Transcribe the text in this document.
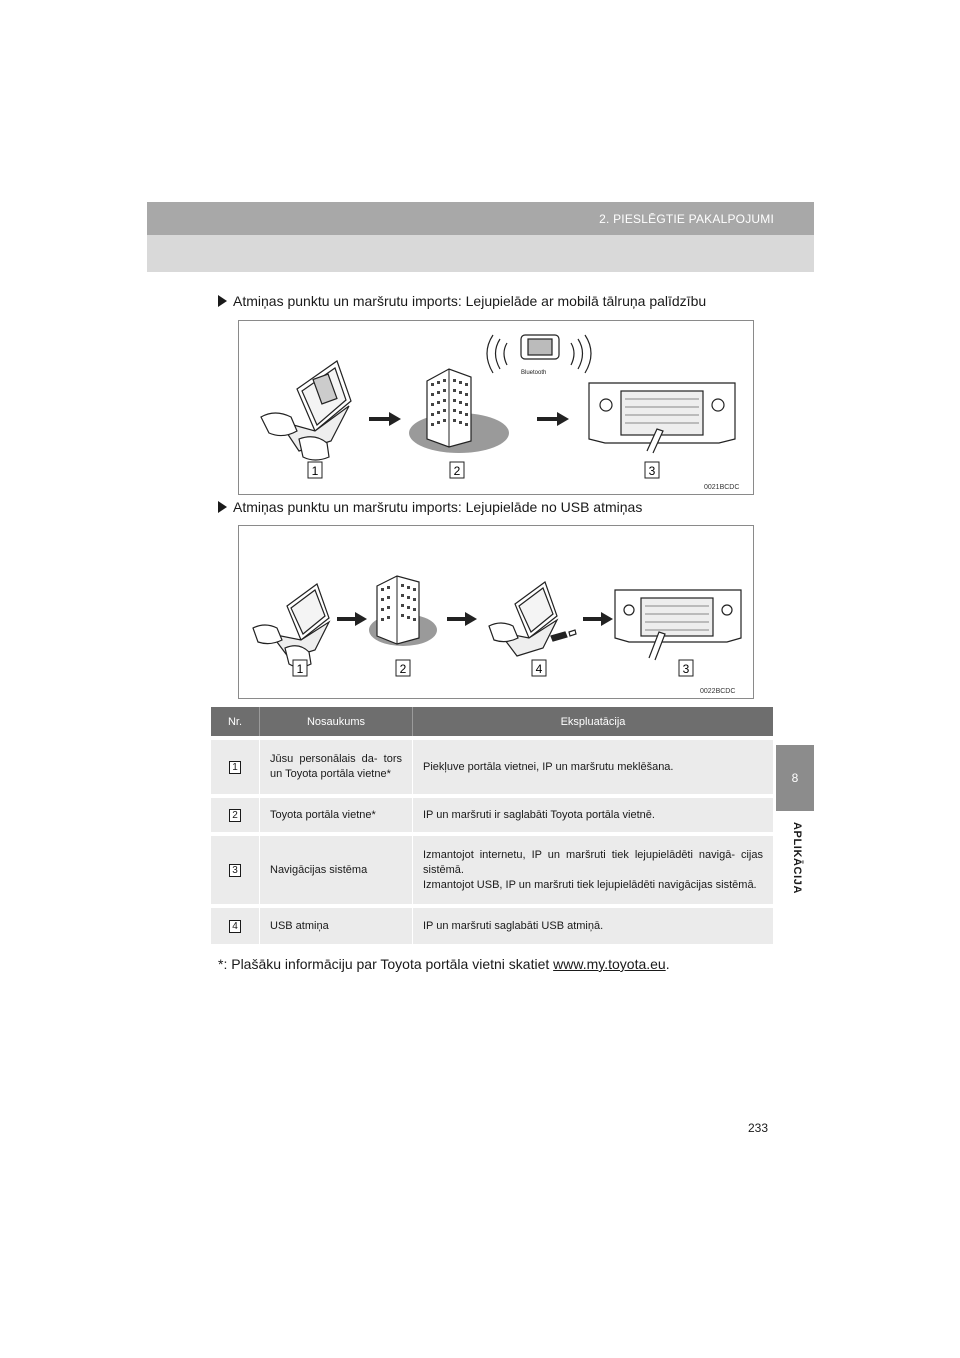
2. PIESLĒGTIE PAKALPOJUMI
8
APLIKĀCIJA
Atmiņas punktu un maršrutu imports: Lejupielāde ar mobilā tālruņa palīdzību
Bluetooth
1	2	3
0021BCDC
Atmiņas punktu un maršrutu imports: Lejupielāde no USB atmiņas
1	2	4	3
0022BCDC
Nr.	Nosaukums	Ekspluatācija
1	Jūsu personālais da- tors un Toyota portāla vietne*	Piekļuve portāla vietnei, IP un maršrutu meklēšana.
2	Toyota portāla vietne*	IP un maršruti ir saglabāti Toyota portāla vietnē.
3	Navigācijas sistēma	Izmantojot internetu, IP un maršruti tiek lejupielādēti navigā- cijas sistēmā.
Izmantojot USB, IP un maršruti tiek lejupielādēti navigācijas sistēmā.

4	USB atmiņa	IP un maršruti saglabāti USB atmiņā.
*: Plašāku informāciju par Toyota portāla vietni skatiet www.my.toyota.eu.
233
